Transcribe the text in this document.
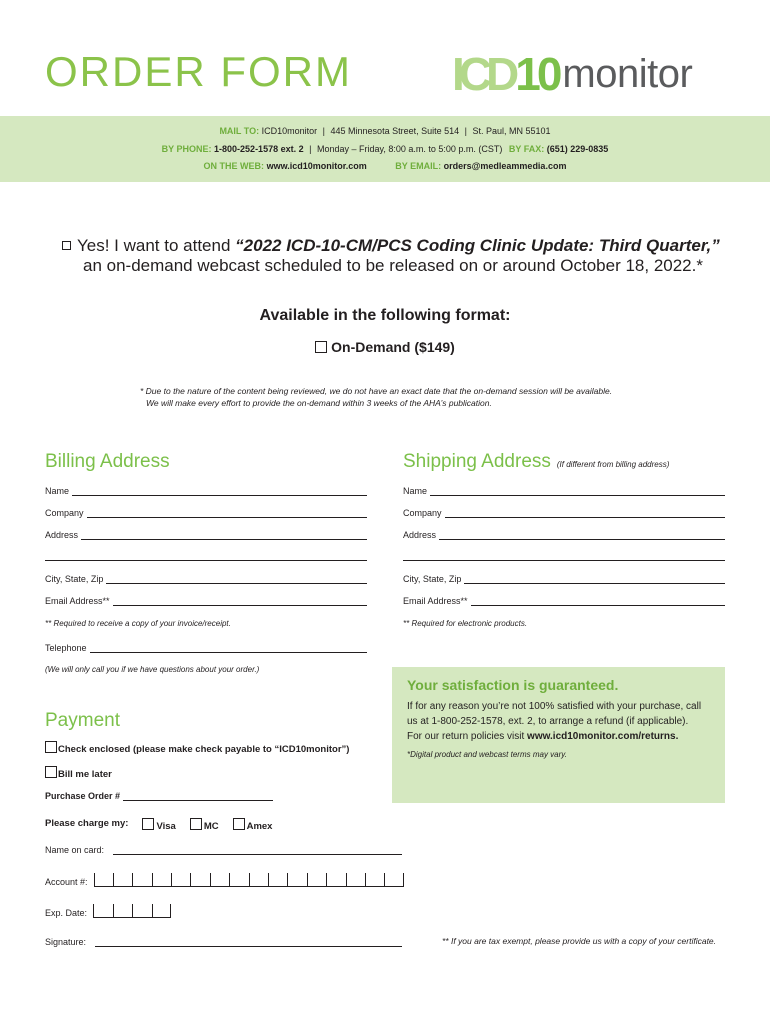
ORDER FORM ICD 10 monitor
MAIL TO: ICD10monitor | 445 Minnesota Street, Suite 514 | St. Paul, MN 55101
BY PHONE: 1-800-252-1578 ext. 2 | Monday – Friday, 8:00 a.m. to 5:00 p.m. (CST) BY FAX: (651) 229-0835
ON THE WEB: www.icd10monitor.com	BY EMAIL: orders@medleammedia.com
Yes! I want to attend “2022 ICD-10-CM/PCS Coding Clinic Update: Third Quarter,”
an on-demand webcast scheduled to be released on or around October 18, 2022.*
Available in the following format:
On-Demand ($149)
* Due to the nature of the content being reviewed, we do not have an exact date that the on-demand session will be available.
We will make every effort to provide the on-demand within 3 weeks of the AHA’s publication.
Billing Address
Name
Company
Address
City, State, Zip
Email Address**
** Required to receive a copy of your invoice/receipt.
Telephone
(We will only call you if we have questions about your order.)
Shipping Address (If different from billing address)
Name
Company
Address
City, State, Zip
Email Address**
** Required for electronic products.
Your satisfaction is guaranteed.
If for any reason you’re not 100% satisfied with your purchase, call
us at 1-800-252-1578, ext. 2, to arrange a refund (if applicable).
For our return policies visit www.icd10monitor.com/returns.
*Digital product and webcast terms may vary.
Payment
Check enclosed (please make check payable to “ICD10monitor”)
Bill me later
Purchase Order #
Please charge my:	Visa	MC	Amex
Name on card:
Account #:
Exp. Date:
Signature:	** If you are tax exempt, please provide us with a copy of your certificate.
